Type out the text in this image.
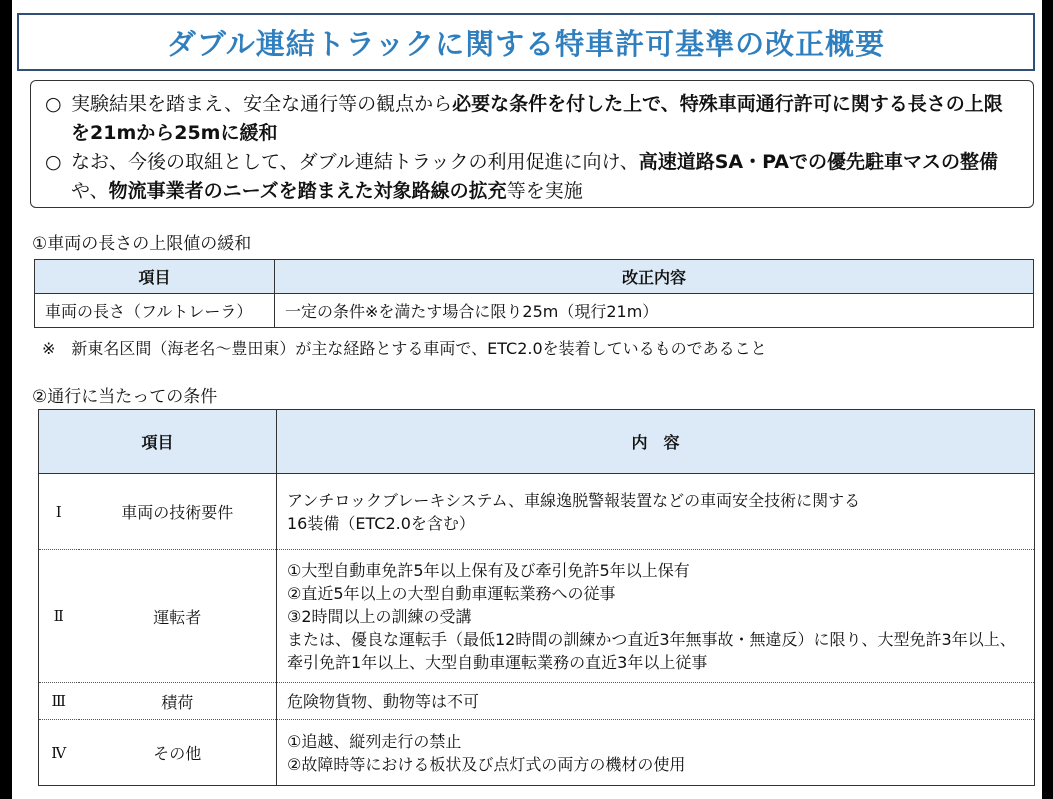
ダブル連結トラックに関する特車許可基準の改正概要
○ 実験結果を踏まえ、安全な通行等の観点から必要な条件を付した上で、特殊車両通行許可に関する長さの上限を21mから25mに緩和
○ なお、今後の取組として、ダブル連結トラックの利用促進に向け、高速道路SA・PAでの優先駐車マスの整備や、物流事業者のニーズを踏まえた対象路線の拡充等を実施
①車両の長さの上限値の緩和
項目	改正内容
車両の長さ（フルトレーラ）	一定の条件※を満たす場合に限り25m（現行21m）
※　新東名区間（海老名～豊田東）が主な経路とする車両で、ETC2.0を装着しているものであること
②通行に当たっての条件
項目		内　容
Ⅰ	車両の技術要件	アンチロックブレーキシステム、車線逸脱警報装置などの車両安全技術に関する
16装備（ETC2.0を含む）

Ⅱ	運転者	①大型自動車免許5年以上保有及び牽引免許5年以上保有
②直近5年以上の大型自動車運転業務への従事
③2時間以上の訓練の受講
または、優良な運転手（最低12時間の訓練かつ直近3年無事故・無違反）に限り、大型免許3年以上、牽引免許1年以上、大型自動車運転業務の直近3年以上従事

Ⅲ	積荷	危険物貨物、動物等は不可

Ⅳ	その他	①追越、縦列走行の禁止
②故障時等における板状及び点灯式の両方の機材の使用
